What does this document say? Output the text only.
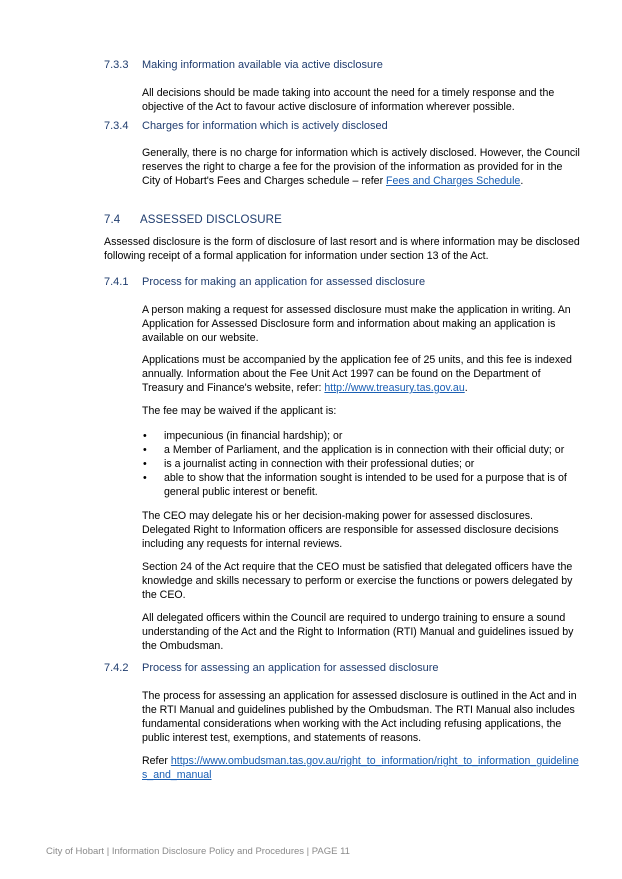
7.3.3 Making information available via active disclosure
All decisions should be made taking into account the need for a timely response and the objective of the Act to favour active disclosure of information wherever possible.
7.3.4 Charges for information which is actively disclosed
Generally, there is no charge for information which is actively disclosed. However, the Council reserves the right to charge a fee for the provision of the information as provided for in the City of Hobart's Fees and Charges schedule – refer Fees and Charges Schedule.
7.4 ASSESSED DISCLOSURE
Assessed disclosure is the form of disclosure of last resort and is where information may be disclosed following receipt of a formal application for information under section 13 of the Act.
7.4.1 Process for making an application for assessed disclosure
A person making a request for assessed disclosure must make the application in writing. An Application for Assessed Disclosure form and information about making an application is available on our website.
Applications must be accompanied by the application fee of 25 units, and this fee is indexed annually. Information about the Fee Unit Act 1997 can be found on the Department of Treasury and Finance's website, refer: http://www.treasury.tas.gov.au.
The fee may be waived if the applicant is:
• impecunious (in financial hardship); or
• a Member of Parliament, and the application is in connection with their official duty; or
• is a journalist acting in connection with their professional duties; or
• able to show that the information sought is intended to be used for a purpose that is of general public interest or benefit.
The CEO may delegate his or her decision-making power for assessed disclosures. Delegated Right to Information officers are responsible for assessed disclosure decisions including any requests for internal reviews.
Section 24 of the Act require that the CEO must be satisfied that delegated officers have the knowledge and skills necessary to perform or exercise the functions or powers delegated by the CEO.
All delegated officers within the Council are required to undergo training to ensure a sound understanding of the Act and the Right to Information (RTI) Manual and guidelines issued by the Ombudsman.
7.4.2 Process for assessing an application for assessed disclosure
The process for assessing an application for assessed disclosure is outlined in the Act and in the RTI Manual and guidelines published by the Ombudsman. The RTI Manual also includes fundamental considerations when working with the Act including refusing applications, the public interest test, exemptions, and statements of reasons.
Refer https://www.ombudsman.tas.gov.au/right_to_information/right_to_information_guidelines_and_manual
City of Hobart | Information Disclosure Policy and Procedures | PAGE 11
